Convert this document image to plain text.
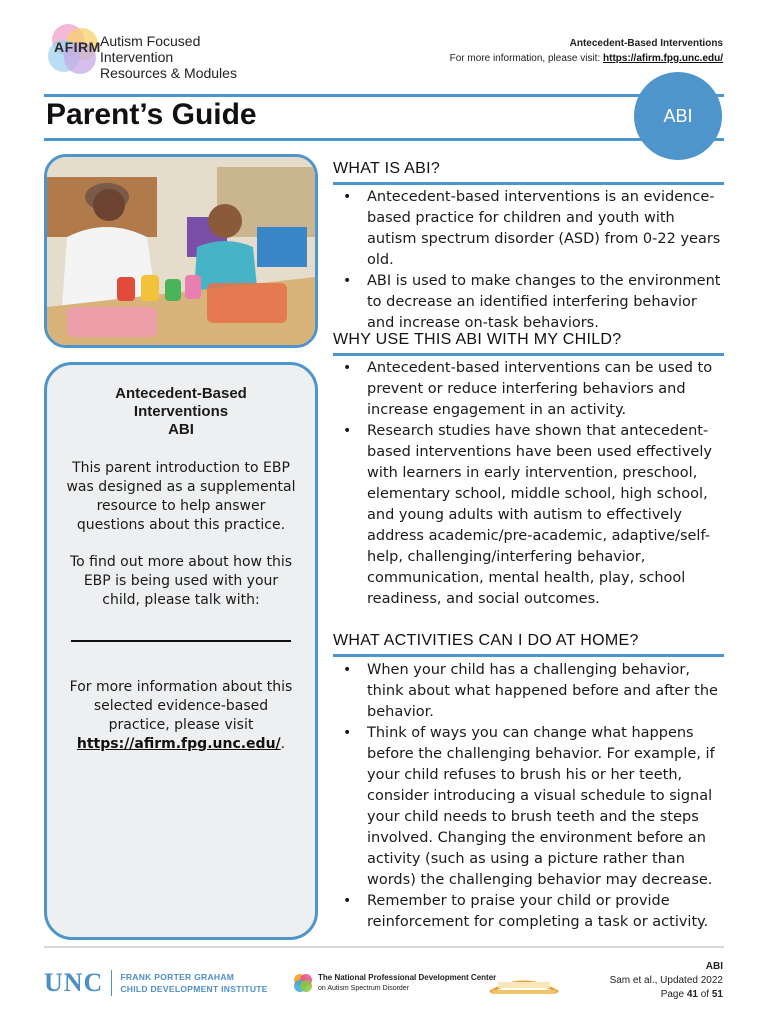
AFIRM Autism Focused Intervention
Resources & Modules
Antecedent-Based Interventions
For more information, please visit: https://afirm.fpg.unc.edu/
Parent’s Guide	ABI
Antecedent-Based
Interventions
ABI

This parent introduction to EBP was designed as a supplemental resource to help answer questions about this practice.

To find out more about how this EBP is being used with your child, please talk with:

For more information about this selected evidence-based practice, please visit https://afirm.fpg.unc.edu/.

WHAT IS ABI?
• Antecedent-based interventions is an evidence-based practice for children and youth with autism spectrum disorder (ASD) from 0-22 years old.
• ABI is used to make changes to the environment to decrease an identified interfering behavior and increase on-task behaviors.
WHY USE THIS ABI WITH MY CHILD?
• Antecedent-based interventions can be used to prevent or reduce interfering behaviors and increase engagement in an activity.
• Research studies have shown that antecedent-based interventions have been used effectively with learners in early intervention, preschool, elementary school, middle school, high school, and young adults with autism to effectively address academic/pre-academic, adaptive/self-help, challenging/interfering behavior, communication, mental health, play, school readiness, and social outcomes.
WHAT ACTIVITIES CAN I DO AT HOME?
• When your child has a challenging behavior, think about what happened before and after the behavior.
• Think of ways you can change what happens before the challenging behavior. For example, if your child refuses to brush his or her teeth, consider introducing a visual schedule to signal your child needs to brush teeth and the steps involved. Changing the environment before an activity (such as using a picture rather than words) the challenging behavior may decrease.
• Remember to praise your child or provide reinforcement for completing a task or activity.
UNC FRANK PORTER GRAHAM
CHILD DEVELOPMENT INSTITUTE
The National Professional Development Center
on Autism Spectrum Disorder
ABI
Sam et al., Updated 2022
Page 41 of 51
